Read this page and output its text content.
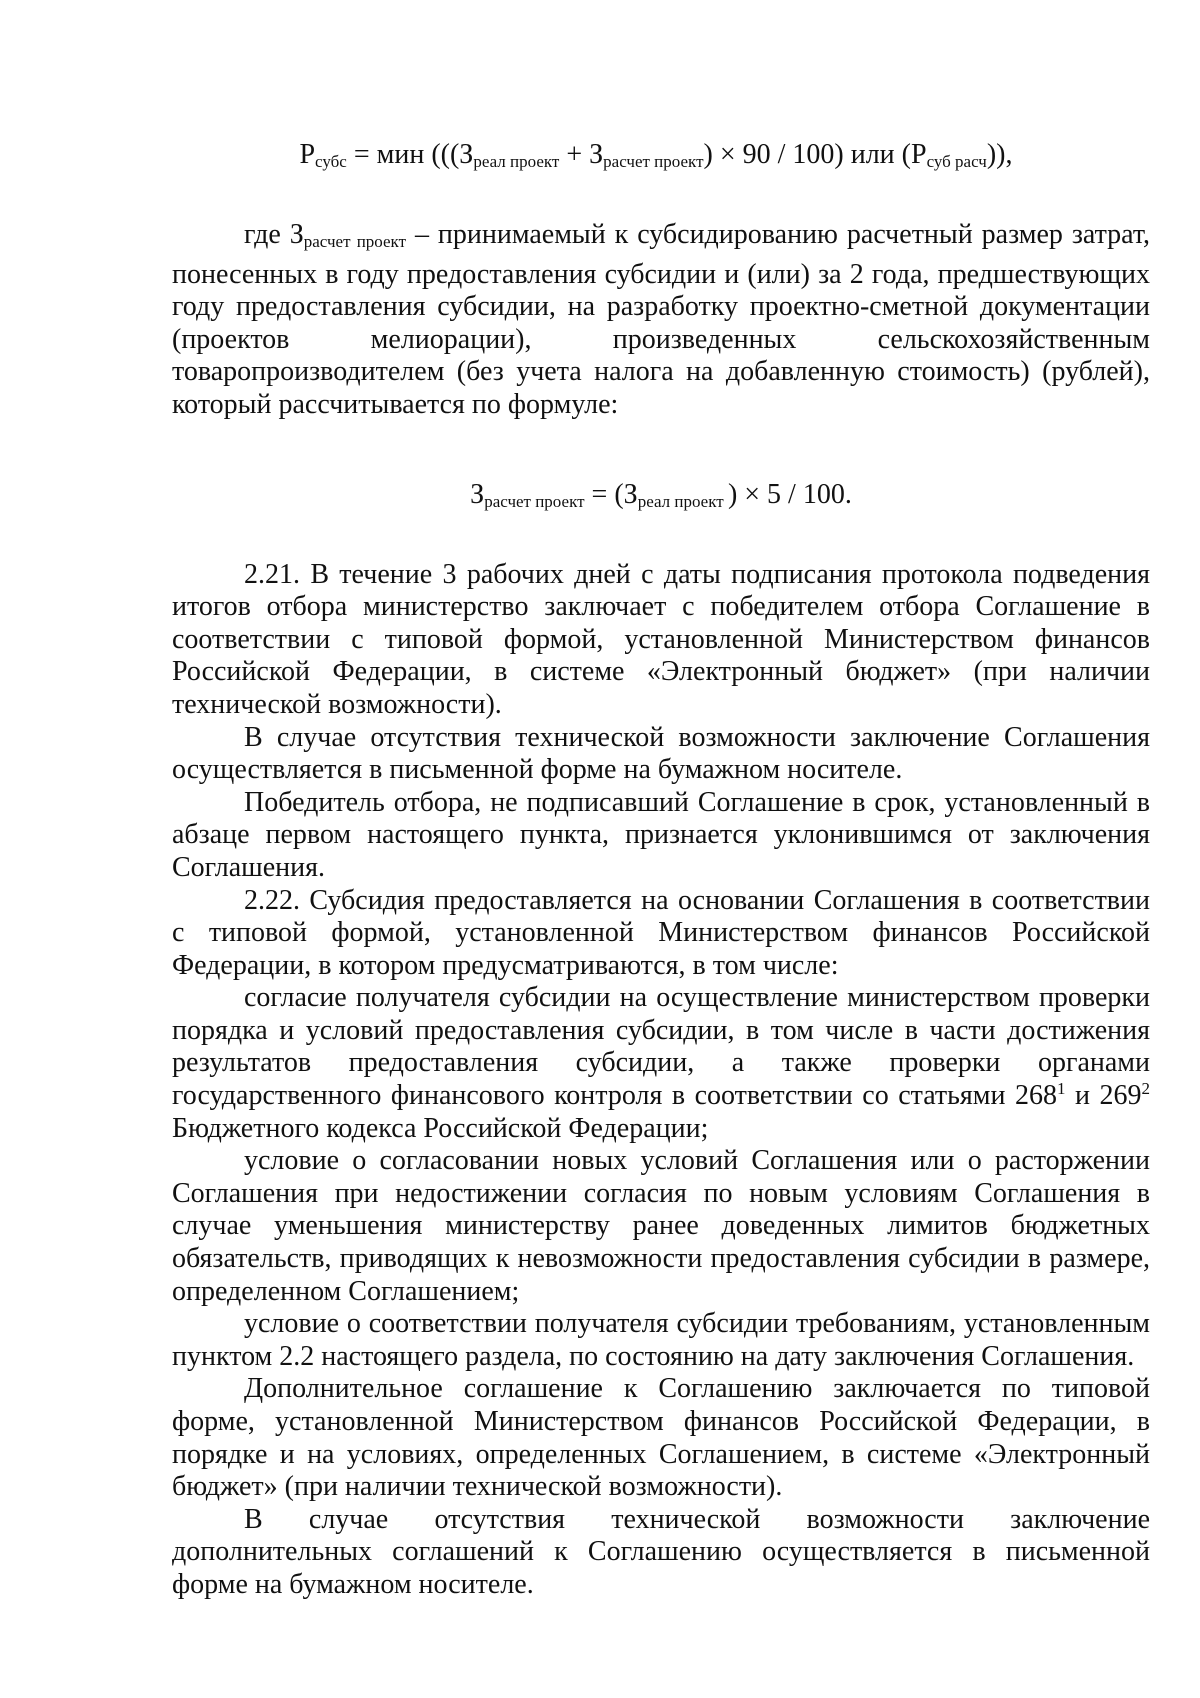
$Р_{субс}$ = мин ($((З_{реал проект} + З_{расчет проект}) \times 90 / 100)$ или $(Р_{суб расч})$),

где Зрасчет проект – принимаемый к субсидированию расчетный размер затрат, понесенных в году предоставления субсидии и (или) за 2 года, предшествующих году предоставления субсидии, на разработку проектно-сметной документации (проектов мелиорации), произведенных сельскохозяйственным товаропроизводителем (без учета налога на добавленную стоимость) (рублей), который рассчитывается по формуле:

$З_{расчет проект} = (З_{реал проект}$ ) × 5 / 100.

2.21. В течение 3 рабочих дней с даты подписания протокола подведения итогов отбора министерство заключает с победителем отбора Соглашение в соответствии с типовой формой, установленной Министерством финансов Российской Федерации, в системе «Электронный бюджет» (при наличии технической возможности).

В случае отсутствия технической возможности заключение Соглашения осуществляется в письменной форме на бумажном носителе.

Победитель отбора, не подписавший Соглашение в срок, установленный в абзаце первом настоящего пункта, признается уклонившимся от заключения Соглашения.

2.22. Субсидия предоставляется на основании Соглашения в соответствии с типовой формой, установленной Министерством финансов Российской Федерации, в котором предусматриваются, в том числе:

согласие получателя субсидии на осуществление министерством проверки порядка и условий предоставления субсидии, в том числе в части достижения результатов предоставления субсидии, а также проверки органами государственного финансового контроля в соответствии со статьями $268^1$ и $269^2$ Бюджетного кодекса Российской Федерации;

условие о согласовании новых условий Соглашения или о расторжении Соглашения при недостижении согласия по новым условиям Соглашения в случае уменьшения министерству ранее доведенных лимитов бюджетных обязательств, приводящих к невозможности предоставления субсидии в размере, определенном Соглашением;

условие о соответствии получателя субсидии требованиям, установленным пунктом 2.2 настоящего раздела, по состоянию на дату заключения Соглашения.

Дополнительное соглашение к Соглашению заключается по типовой форме, установленной Министерством финансов Российской Федерации, в порядке и на условиях, определенных Соглашением, в системе «Электронный бюджет» (при наличии технической возможности).

В случае отсутствия технической возможности заключение дополнительных соглашений к Соглашению осуществляется в письменной форме на бумажном носителе.
